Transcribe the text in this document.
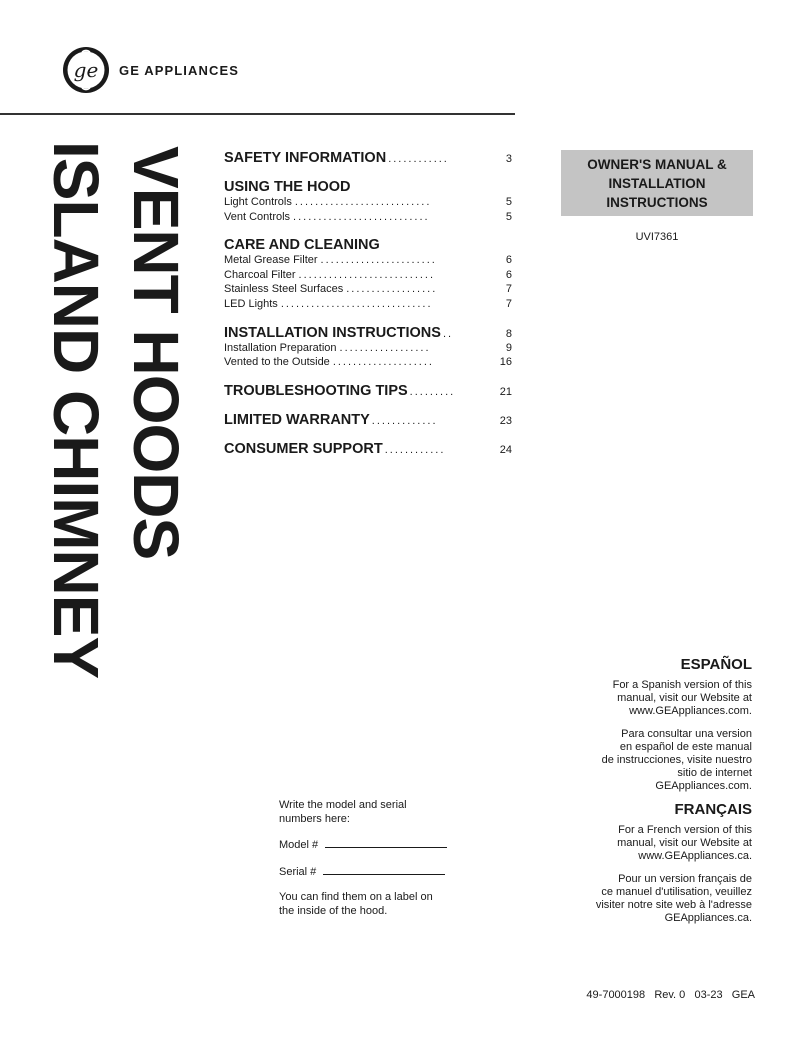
ge GE APPLIANCES
ISLAND CHIMNEY VENT HOODS SAFETY INFORMATION ............	3
USING THE HOOD
Light Controls ...........................	5
Vent Controls ...........................	5
CARE AND CLEANING
Metal Grease Filter .......................	6
Charcoal Filter ...........................	6
Stainless Steel Surfaces ..................	7
LED Lights ..............................	7
INSTALLATION INSTRUCTIONS ..	8
Installation Preparation ..................	9
Vented to the Outside ....................	16
TROUBLESHOOTING TIPS .........	21
LIMITED WARRANTY .............	23
CONSUMER SUPPORT ............	24
OWNER'S MANUAL &
INSTALLATION
INSTRUCTIONS
UVI7361
ESPAÑOL

For a Spanish version of this
manual, visit our Website at
www.GEAppliances.com.

Para consultar una version
en español de este manual
de instrucciones, visite nuestro
sitio de internet
GEAppliances.com.

FRANÇAIS

For a French version of this
manual, visit our Website at
www.GEAppliances.ca.

Pour un version français de
ce manuel d'utilisation, veuillez
visiter notre site web à l'adresse
GEAppliances.ca.

Write the model and serial
numbers here:

Model #

Serial #

You can find them on a label on
the inside of the hood.

49-7000198   Rev. 0   03-23   GEA
